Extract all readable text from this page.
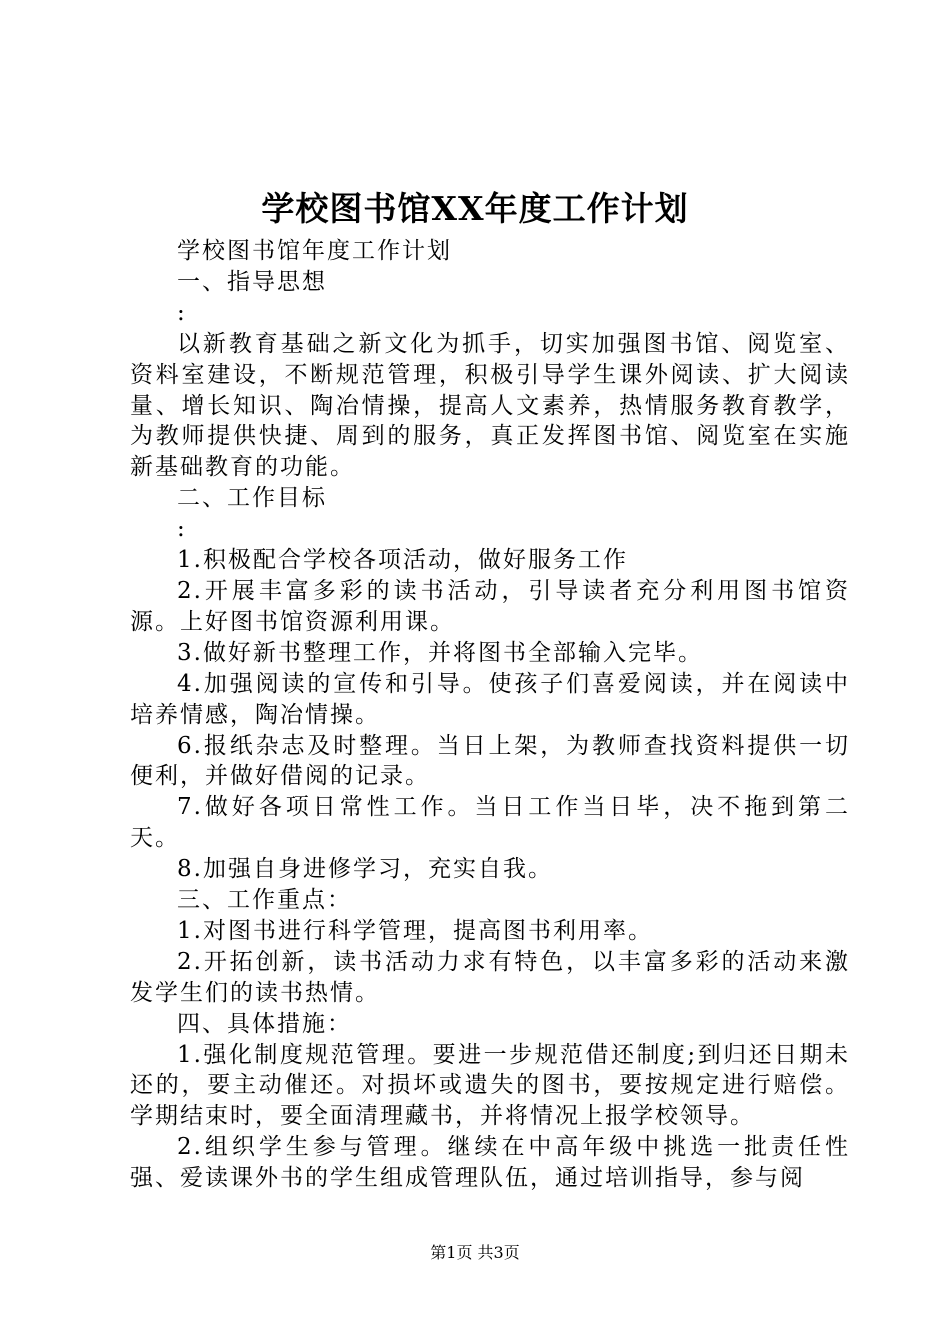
学校图书馆XX年度工作计划

学校图书馆年度工作计划

一、指导思想

:

以新教育基础之新文化为抓手，切实加强图书馆、阅览室、资料室建设，不断规范管理，积极引导学生课外阅读、扩大阅读量、增长知识、陶冶情操，提高人文素养，热情服务教育教学，为教师提供快捷、周到的服务，真正发挥图书馆、阅览室在实施新基础教育的功能。

二、工作目标

:

1.积极配合学校各项活动，做好服务工作

2.开展丰富多彩的读书活动，引导读者充分利用图书馆资源。上好图书馆资源利用课。

3.做好新书整理工作，并将图书全部输入完毕。

4.加强阅读的宣传和引导。使孩子们喜爱阅读，并在阅读中培养情感，陶冶情操。

6.报纸杂志及时整理。当日上架，为教师查找资料提供一切便利，并做好借阅的记录。

7.做好各项日常性工作。当日工作当日毕，决不拖到第二天。

8.加强自身进修学习，充实自我。

三、工作重点：

1.对图书进行科学管理，提高图书利用率。

2.开拓创新，读书活动力求有特色，以丰富多彩的活动来激发学生们的读书热情。

四、具体措施：

1.强化制度规范管理。要进一步规范借还制度;到归还日期未还的，要主动催还。对损坏或遗失的图书，要按规定进行赔偿。学期结束时，要全面清理藏书，并将情况上报学校领导。

2.组织学生参与管理。继续在中高年级中挑选一批责任性强、爱读课外书的学生组成管理队伍，通过培训指导，参与阅

第1页 共3页
